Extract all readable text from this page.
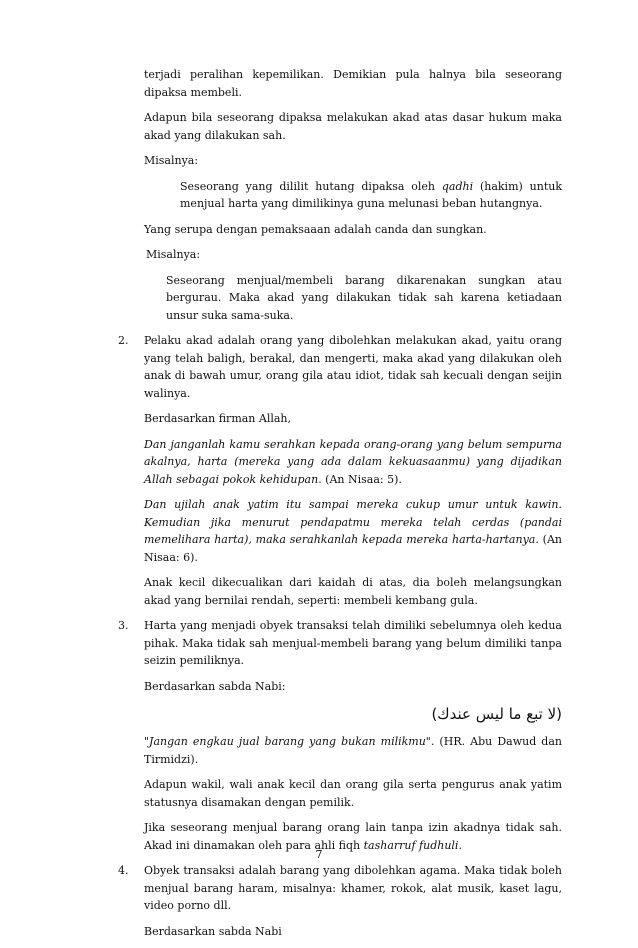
terjadi peralihan kepemilikan. Demikian pula halnya bila seseorang dipaksa membeli.

Adapun bila seseorang dipaksa melakukan akad atas dasar hukum maka akad yang dilakukan sah.

Misalnya:

Seseorang yang dililit hutang dipaksa oleh qadhi (hakim) untuk menjual harta yang dimilikinya guna melunasi beban hutangnya.

Yang serupa dengan pemaksaaan adalah canda dan sungkan.

Misalnya:

Seseorang menjual/membeli barang dikarenakan sungkan atau bergurau. Maka akad yang dilakukan tidak sah karena ketiadaan unsur suka sama-suka.

2.	Pelaku akad adalah orang yang dibolehkan melakukan akad, yaitu orang yang telah baligh, berakal, dan mengerti, maka akad yang dilakukan oleh anak di bawah umur, orang gila atau idiot, tidak sah kecuali dengan seijin walinya.

Berdasarkan firman Allah,

Dan janganlah kamu serahkan kepada orang-orang yang belum sempurna akalnya, harta (mereka yang ada dalam kekuasaanmu) yang dijadikan Allah sebagai pokok kehidupan. (An Nisaa: 5).

Dan ujilah anak yatim itu sampai mereka cukup umur untuk kawin. Kemudian jika menurut pendapatmu mereka telah cerdas (pandai memelihara harta), maka serahkanlah kepada mereka harta-hartanya. (An Nisaa: 6).

Anak kecil dikecualikan dari kaidah di atas, dia boleh melangsungkan akad yang bernilai rendah, seperti: membeli kembang gula.

3.	Harta yang menjadi obyek transaksi telah dimiliki sebelumnya oleh kedua pihak. Maka tidak sah menjual-membeli barang yang belum dimiliki tanpa seizin pemiliknya.

Berdasarkan sabda Nabi:

(لا تبع ما ليس عندك)

"Jangan engkau jual barang yang bukan milikmu". (HR. Abu Dawud dan Tirmidzi).

Adapun wakil, wali anak kecil dan orang gila serta pengurus anak yatim statusnya disamakan dengan pemilik.

Jika seseorang menjual barang orang lain tanpa izin akadnya tidak sah. Akad ini dinamakan oleh para ahli fiqh tasharruf fudhuli.

4.	Obyek transaksi adalah barang yang dibolehkan agama. Maka tidak boleh menjual barang haram, misalnya: khamer, rokok, alat musik, kaset lagu, video porno dll.

Berdasarkan sabda Nabi

7
